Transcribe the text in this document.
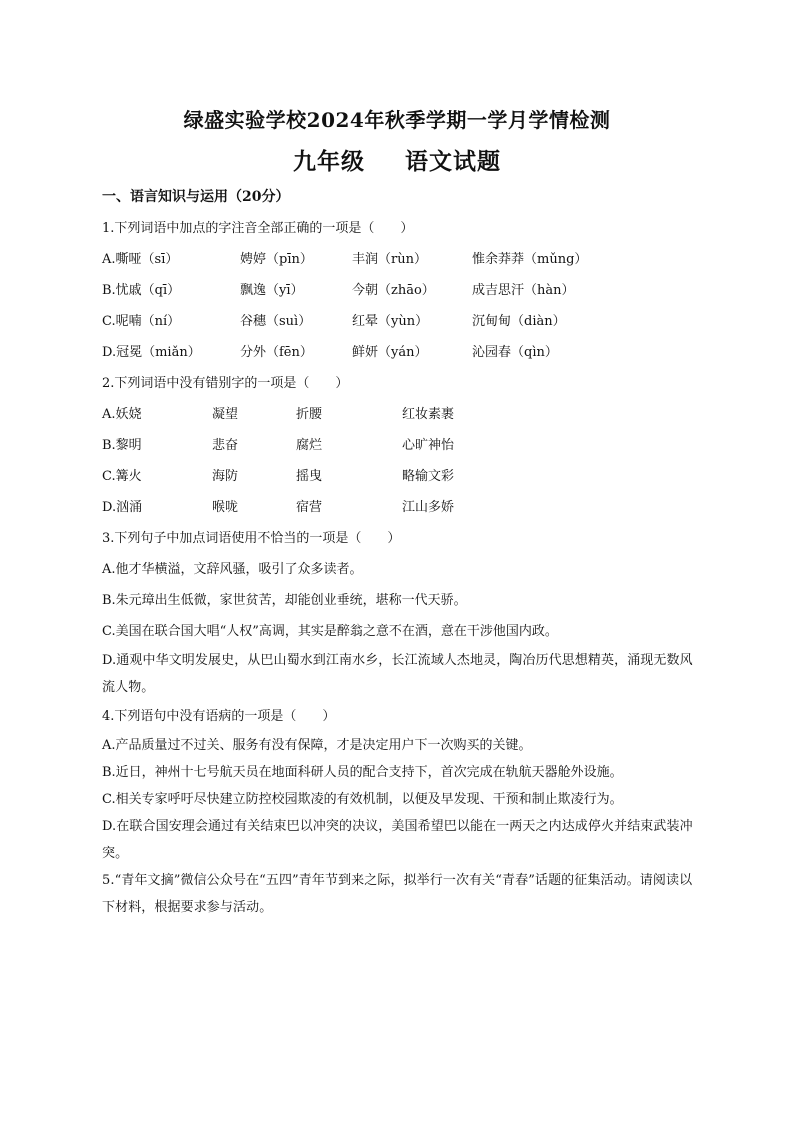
绿盛实验学校2024年秋季学期一学月学情检测
九年级 语文试题
一、语言知识与运用（20分）
1.下列词语中加点的字注音全部正确的一项是（　　）
A.嘶哑（sī）	娉婷（pīn）	丰润（rùn）	惟余莽莽（mǔng）
B.忧戚（qī）	飘逸（yī）	今朝（zhāo）	成吉思汗（hàn）
C.呢喃（ní）	谷穗（suì）	红晕（yùn）	沉甸甸（diàn）
D.冠冕（miǎn）	分外（fēn）	鲜妍（yán）	沁园春（qìn）
2.下列词语中没有错别字的一项是（　　）
A.妖娆	凝望	折腰	红妆素裹
B.黎明	悲奋	腐烂	心旷神怡
C.篝火	海防	摇曳	略输文彩
D.汹涌	喉咙	宿营	江山多娇
3.下列句子中加点词语使用不恰当的一项是（　　）
A.他才华横溢，文辞风骚，吸引了众多读者。
B.朱元璋出生低微，家世贫苦，却能创业垂统，堪称一代天骄。
C.美国在联合国大唱“人权”高调，其实是醉翁之意不在酒，意在干涉他国内政。
D.通观中华文明发展史，从巴山蜀水到江南水乡，长江流域人杰地灵，陶冶历代思想精英，涌现无数风流人物。
4.下列语句中没有语病的一项是（　　）
A.产品质量过不过关、服务有没有保障，才是决定用户下一次购买的关键。
B.近日，神州十七号航天员在地面科研人员的配合支持下，首次完成在轨航天器舱外设施。
C.相关专家呼吁尽快建立防控校园欺凌的有效机制，以便及早发现、干预和制止欺凌行为。
D.在联合国安理会通过有关结束巴以冲突的决议，美国希望巴以能在一两天之内达成停火并结束武装冲突。
5.“青年文摘”微信公众号在“五四”青年节到来之际，拟举行一次有关“青春”话题的征集活动。请阅读以下材料，根据要求参与活动。
